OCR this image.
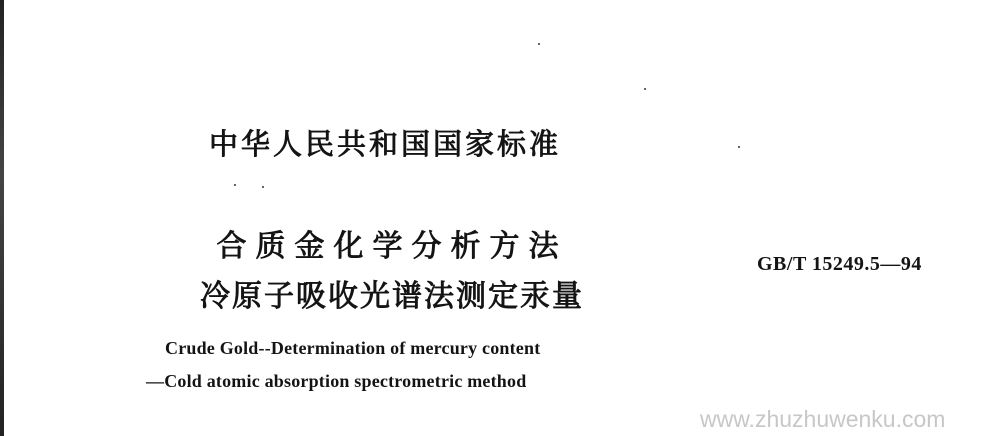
中华人民共和国国家标准
合质金化学分析方法
冷原子吸收光谱法测定汞量
GB/T 15249.5—94
Crude Gold--Determination of mercury content
—Cold atomic absorption spectrometric method
www.zhuzhuwenku.com
